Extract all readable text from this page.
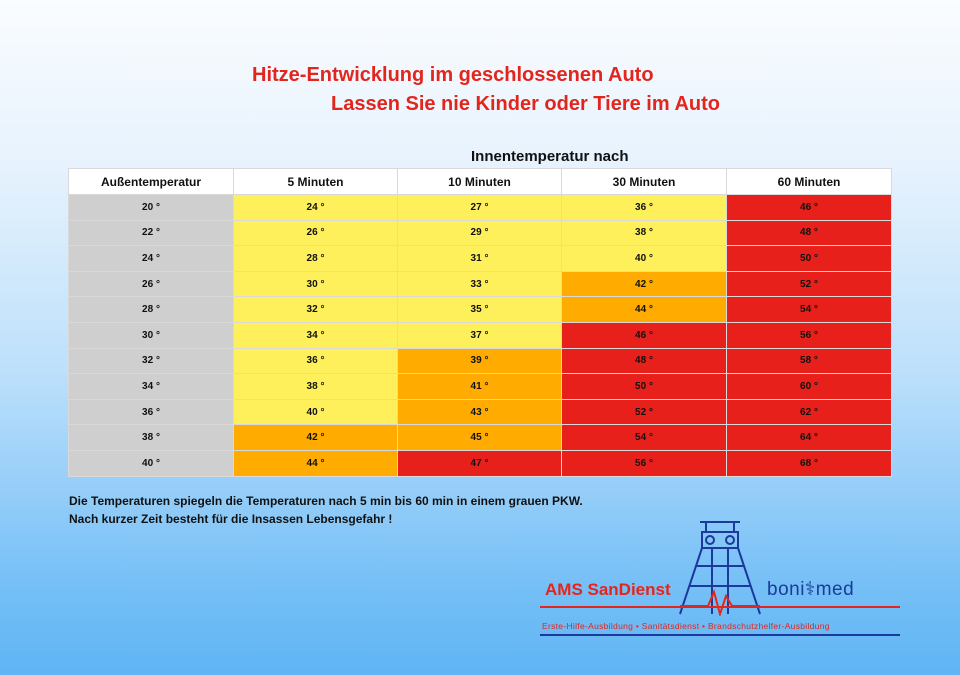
Hitze-Entwicklung im geschlossenen Auto
Lassen Sie nie Kinder oder Tiere im Auto
Innentemperatur nach
Außentemperatur	5 Minuten	10 Minuten	30 Minuten	60 Minuten
20 °	24 °	27 °	36 °	46 °
22 °	26 °	29 °	38 °	48 °
24 °	28 °	31 °	40 °	50 °
26 °	30 °	33 °	42 °	52 °
28 °	32 °	35 °	44 °	54 °
30 °	34 °	37 °	46 °	56 °
32 °	36 °	39 °	48 °	58 °
34 °	38 °	41 °	50 °	60 °
36 °	40 °	43 °	52 °	62 °
38 °	42 °	45 °	54 °	64 °
40 °	44 °	47 °	56 °	68 °
Die Temperaturen spiegeln die Temperaturen nach 5 min bis 60 min in einem grauen PKW.
Nach kurzer Zeit besteht für die Insassen Lebensgefahr !
AMS SanDienst	boni⚕med
Erste-Hilfe-Ausbildung • Sanitätsdienst • Brandschutzhelfer-Ausbildung
